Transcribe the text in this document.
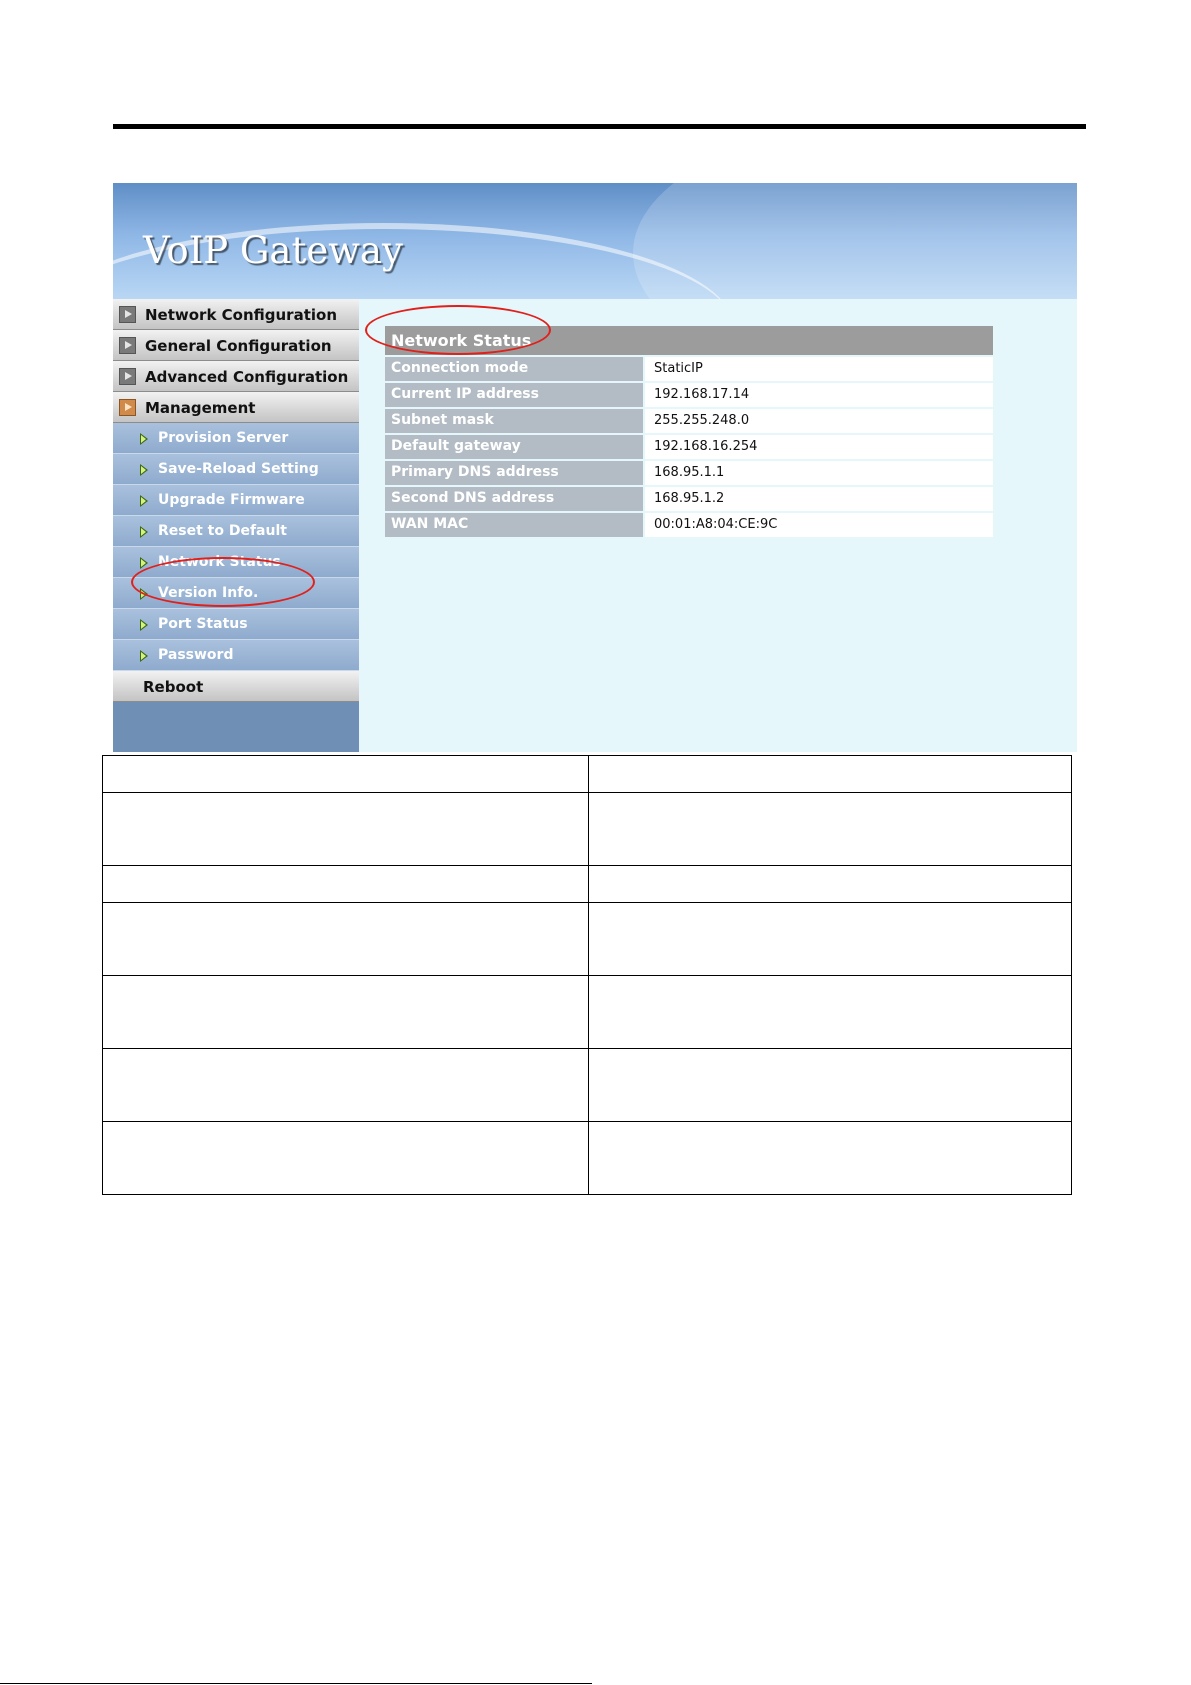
VoIP Gateway
Network Configuration
General Configuration
Advanced Configuration
Management
Provision Server
Save-Reload Setting
Upgrade Firmware
Reset to Default
Network Status
Version Info.
Port Status
Password
Reboot
Network Status
Connection mode	StaticIP
Current IP address	192.168.17.14
Subnet mask	255.255.248.0
Default gateway	192.168.16.254
Primary DNS address	168.95.1.1
Second DNS address	168.95.1.2
WAN MAC	00:01:A8:04:CE:9C
